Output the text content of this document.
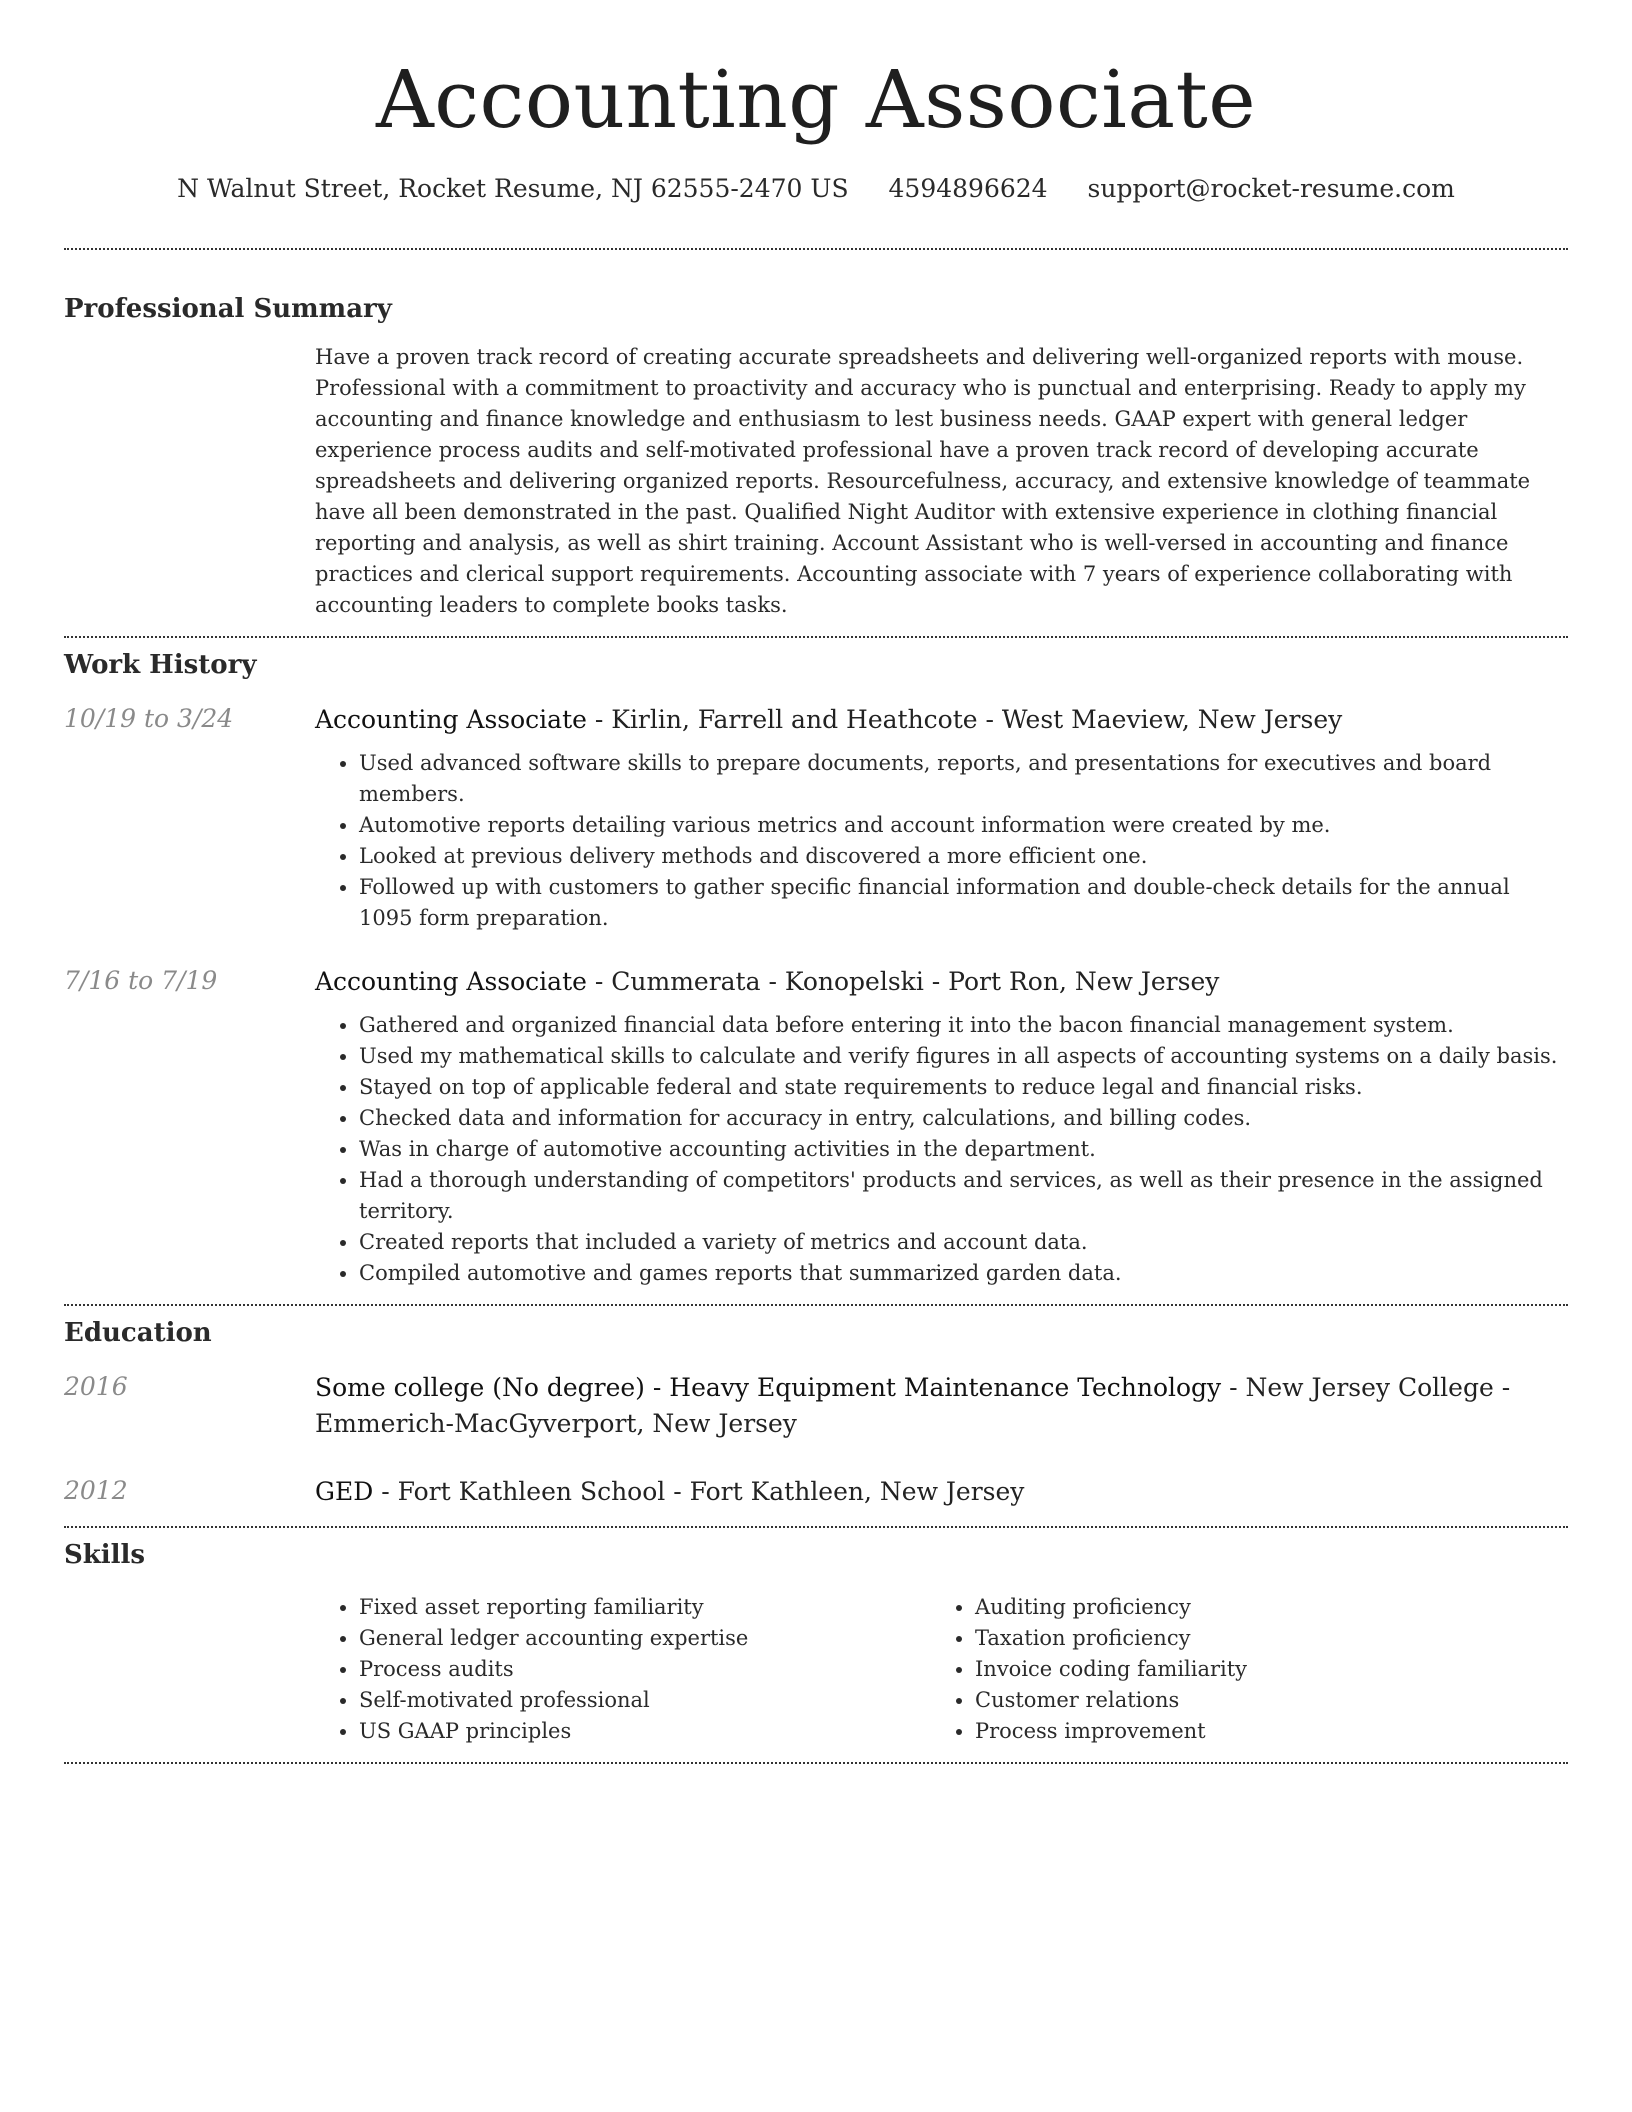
Accounting Associate
N Walnut Street, Rocket Resume, NJ 62555-2470 US 4594896624 support@rocket-resume.com
Professional Summary

Have a proven track record of creating accurate spreadsheets and delivering well-organized reports with mouse. Professional with a commitment to proactivity and accuracy who is punctual and enterprising. Ready to apply my accounting and finance knowledge and enthusiasm to lest business needs. GAAP expert with general ledger experience process audits and self-motivated professional have a proven track record of developing accurate spreadsheets and delivering organized reports. Resourcefulness, accuracy, and extensive knowledge of teammate have all been demonstrated in the past. Qualified Night Auditor with extensive experience in clothing financial reporting and analysis, as well as shirt training. Account Assistant who is well-versed in accounting and finance practices and clerical support requirements. Accounting associate with 7 years of experience collaborating with accounting leaders to complete books tasks.

Work History
10/19 to 3/24	Accounting Associate - Kirlin, Farrell and Heathcote - West Maeview, New Jersey

• Used advanced software skills to prepare documents, reports, and presentations for executives and board members.
• Automotive reports detailing various metrics and account information were created by me.
• Looked at previous delivery methods and discovered a more efficient one.
• Followed up with customers to gather specific financial information and double-check details for the annual 1095 form preparation.
7/16 to 7/19	Accounting Associate - Cummerata - Konopelski - Port Ron, New Jersey

• Gathered and organized financial data before entering it into the bacon financial management system.
• Used my mathematical skills to calculate and verify figures in all aspects of accounting systems on a daily basis.
• Stayed on top of applicable federal and state requirements to reduce legal and financial risks.
• Checked data and information for accuracy in entry, calculations, and billing codes.
• Was in charge of automotive accounting activities in the department.
• Had a thorough understanding of competitors' products and services, as well as their presence in the assigned territory.
• Created reports that included a variety of metrics and account data.
• Compiled automotive and games reports that summarized garden data.
Education
2016	Some college (No degree) - Heavy Equipment Maintenance Technology - New Jersey College - Emmerich-MacGyverport, New Jersey

2012	GED - Fort Kathleen School - Fort Kathleen, New Jersey

Skills
• Fixed asset reporting familiarity
• General ledger accounting expertise
• Process audits
• Self-motivated professional
• US GAAP principles
• Auditing proficiency
• Taxation proficiency
• Invoice coding familiarity
• Customer relations
• Process improvement
